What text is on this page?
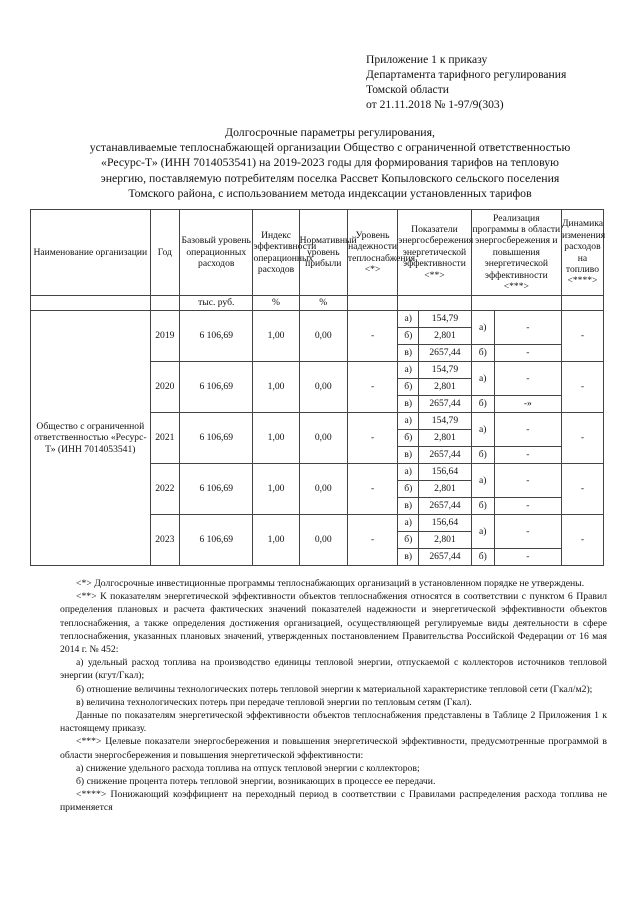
Приложение 1 к приказу
Департамента тарифного регулирования
Томской области
от 21.11.2018 № 1-97/9(303)
Долгосрочные параметры регулирования,
устанавливаемые теплоснабжающей организации Общество с ограниченной ответственностью
«Ресурс-Т» (ИНН 7014053541) на 2019-2023 годы для формирования тарифов на тепловую
энергию, поставляемую потребителям поселка Рассвет Копыловского сельского поселения
Томского района, с использованием метода индексации установленных тарифов
Наименование организации	Год	Базовый уровень операционных расходов	Индекс эффективности операционных расходов	Нормативный уровень прибыли	Уровень надежности теплоснабжения <*>	Показатели энергосбережения энергетической эффективности <**>		Реализация программы в области энергосбережения и повышения энергетической эффективности <***>		Динамика изменения расходов на топливо <****>
		тыс. руб.	%	%						
Общество с ограниченной ответственностью «Ресурс-Т» (ИНН 7014053541)	2019	6 106,69	1,00	0,00	-	а)	154,79	а)	-	-
						б)	2,801			
						в)	2657,44	б)	-	
	2020	6 106,69	1,00	0,00	-	а)	154,79	а)	-	-
						б)	2,801			
						в)	2657,44	б)	-»	
	2021	6 106,69	1,00	0,00	-	а)	154,79	а)	-	-
						б)	2,801			
						в)	2657,44	б)	-	
	2022	6 106,69	1,00	0,00	-	а)	156,64	а)	-	-
						б)	2,801			
						в)	2657,44	б)	-	
	2023	6 106,69	1,00	0,00	-	а)	156,64	а)	-	-
						б)	2,801			
						в)	2657,44	б)	-	

<*> Долгосрочные инвестиционные программы теплоснабжающих организаций в установленном порядке не утверждены.

<**> К показателям энергетической эффективности объектов теплоснабжения относятся в соответствии с пунктом 6 Правил определения плановых и расчета фактических значений показателей надежности и энергетической эффективности объектов теплоснабжения, а также определения достижения организацией, осуществляющей регулируемые виды деятельности в сфере теплоснабжения, указанных плановых значений, утвержденных постановлением Правительства Российской Федерации от 16 мая 2014 г. № 452:

а) удельный расход топлива на производство единицы тепловой энергии, отпускаемой с коллекторов источников тепловой энергии (кгут/Гкал);

б) отношение величины технологических потерь тепловой энергии к материальной характеристике тепловой сети (Гкал/м2);

в) величина технологических потерь при передаче тепловой энергии по тепловым сетям (Гкал).

Данные по показателям энергетической эффективности объектов теплоснабжения представлены в Таблице 2 Приложения 1 к настоящему приказу.

<***> Целевые показатели энергосбережения и повышения энергетической эффективности, предусмотренные программой в области энергосбережения и повышения энергетической эффективности:

а) снижение удельного расхода топлива на отпуск тепловой энергии с коллекторов;

б) снижение процента потерь тепловой энергии, возникающих в процессе ее передачи.

<****> Понижающий коэффициент на переходный период в соответствии с Правилами распределения расхода топлива не применяется
